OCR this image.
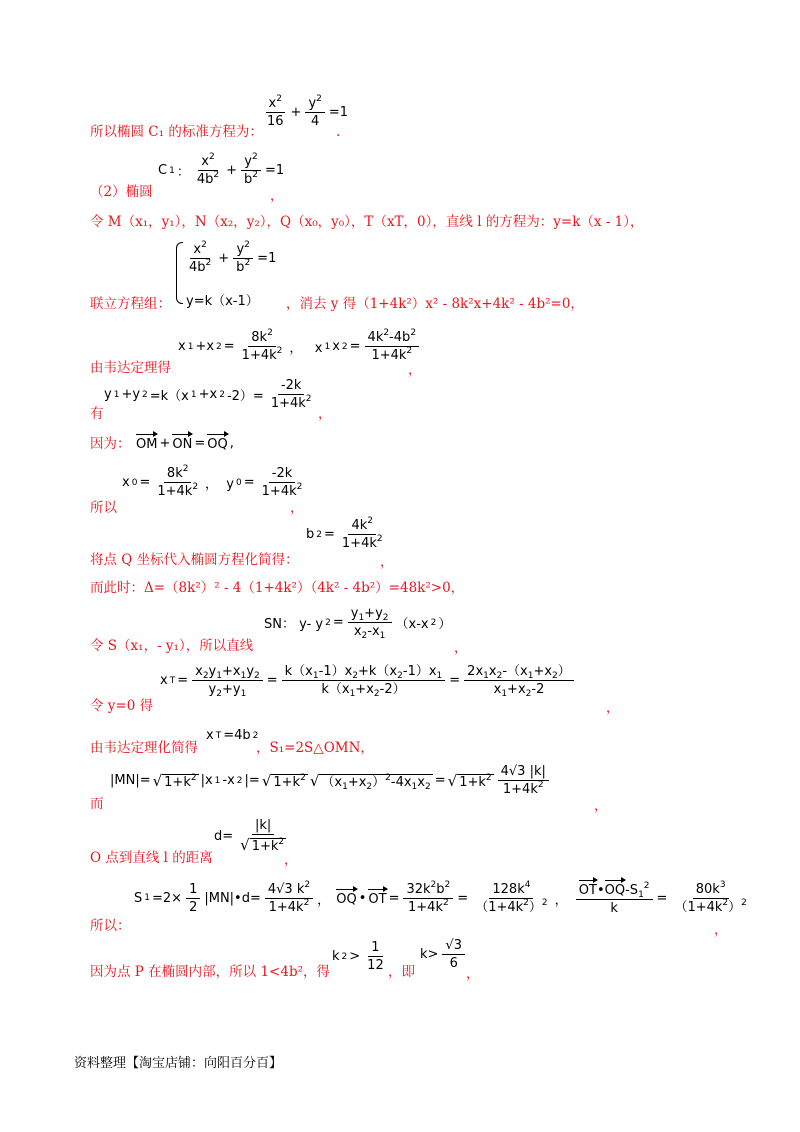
所以椭圆 C₁ 的标准方程为：
$\frac{x^2}{16} + \frac{y^2}{4} =1$
.
（2）椭圆
C 1 ： $\frac{x^2}{4b^2} + \frac{y^2}{b^2} =1$
，
令 M（x₁，y₁），N（x₂，y₂），Q（x₀，y₀），T（xT，0），直线 l 的方程为：y=k（x - 1），
联立方程组：
$\frac{x^2}{4b^2} + \frac{y^2}{b^2} =1$
y=k（x-1） ，消去 y 得（1+4k²）x² - 8k²x+4k² - 4b²=0，
由韦达定理得
x 1 +x $2 = \frac{8k^2}{1+4k^2}$ ，   x 1 x $2 = \frac{4k^2-4b^2}{1+4k^2}$
，
有
y 1 +y 2 =k（x 1 +x 2 $-2)= \frac{-2k}{1+4k^2}$
，
因为： OM + ON = OQ ,
所以
x $0 = \frac{8k^2}{1+4k^2}$ ，  y $0 = \frac{-2k}{1+4k^2}$
，
将点 Q 坐标代入椭圆方程化简得：
b $2 = \frac{4k^2}{1+4k^2}$
，
而此时：Δ=（8k²）² - 4（1+4k²）（4k² - 4b²）=48k²>0，
令 S（x₁，- y₁），所以直线
SN： y- y $2 = \frac{y_1+y_2}{x_2-x_1} (x-x$ 2 ）
，
令 y=0 得
x $T = \frac{x_2y_1+x_1y_2}{y_2+y_1} = \frac{k(x_1-1)x_2+k(x_2-1)x_1}{k(x_1+x_2-2)} = \frac{2x_1x_2-(x_1+x_2)}{x_1+x_2-2}$
，
由韦达定理化简得
x T =4b 2
，S₁=2S△OMN，
而
|MN|= √ $1+k^2$ |x 1 -x 2 |= √ $1+k^2$ √ $(x_1+x_2)^2-4x_1x_2$ = √ $1+k^2 \frac{4√3 |k|}{1+4k^2}$
，
O 点到直线 l 的距离
$d= \frac{|k|}{√ 1+k^2}$
，
所以：
S $1 =2\times \frac{1}{2}$ |MN|•d= $\frac{4√3 k^2}{1+4k^2}$ ， OQ • OT = $\frac{32k^2b^2}{1+4k^2} = \frac{128k^4}{(1+4k^2)^2}$ ， $\frac{OT•OQ-S_1^2}{k} = \frac{80k^3}{(1+4k^2)^2}$
，
因为点 P 在椭圆内部，所以 1<4b²，得
k $2 > \frac{1}{12}$ ，即
$k> \frac{√3}{6}$
，
资料整理【淘宝店铺：向阳百分百】
